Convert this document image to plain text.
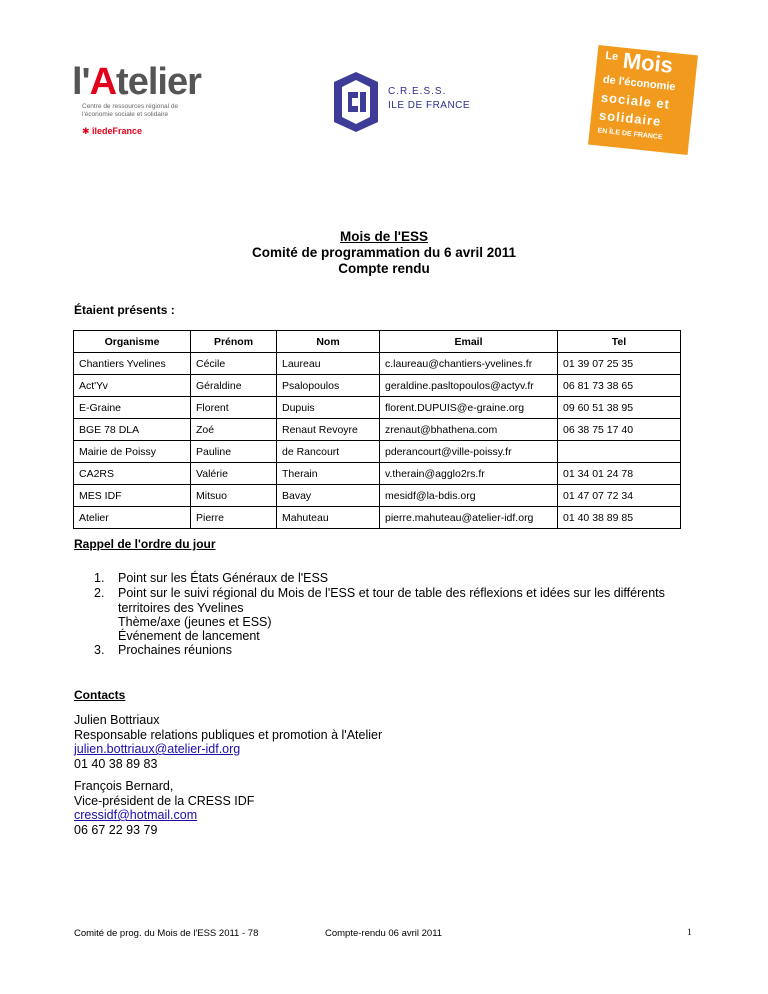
l'Atelier
Centre de ressources régional de l'économie sociale et solidaire
✱ îledeFrance
C.R.E.S.S.
ILE DE FRANCE
Le Mois
de l'économie
sociale et
solidaire
EN ÎLE DE FRANCE
Mois de l'ESS
Comité de programmation du 6 avril 2011
Compte rendu
Étaient présents :
Organisme	Prénom	Nom	Email	Tel
Chantiers Yvelines	Cécile	Laureau	c.laureau@chantiers-yvelines.fr	01 39 07 25 35
Act'Yv	Géraldine	Psalopoulos	geraldine.pasltopoulos@actyv.fr	06 81 73 38 65
E-Graine	Florent	Dupuis	florent.DUPUIS@e-graine.org	09 60 51 38 95
BGE 78 DLA	Zoé	Renaut Revoyre	zrenaut@bhathena.com	06 38 75 17 40
Mairie de Poissy	Pauline	de Rancourt	pderancourt@ville-poissy.fr	
CA2RS	Valérie	Therain	v.therain@agglo2rs.fr	01 34 01 24 78
MES IDF	Mitsuo	Bavay	mesidf@la-bdis.org	01 47 07 72 34
Atelier	Pierre	Mahuteau	pierre.mahuteau@atelier-idf.org	01 40 38 89 85
Rappel de l'ordre du jour
1. Point sur les États Généraux de l'ESS
2. Point sur le suivi régional du Mois de l'ESS et tour de table des réflexions et idées sur les différents
territoires des Yvelines
Thème/axe (jeunes et ESS)
Événement de lancement
3. Prochaines réunions
Contacts
Julien Bottriaux
Responsable relations publiques et promotion à l'Atelier
julien.bottriaux@atelier-idf.org
01 40 38 89 83
François Bernard,
Vice-président de la CRESS IDF
cressidf@hotmail.com
06 67 22 93 79
Comité de prog. du Mois de l'ESS 2011 - 78	Compte-rendu 06 avril 2011	1
